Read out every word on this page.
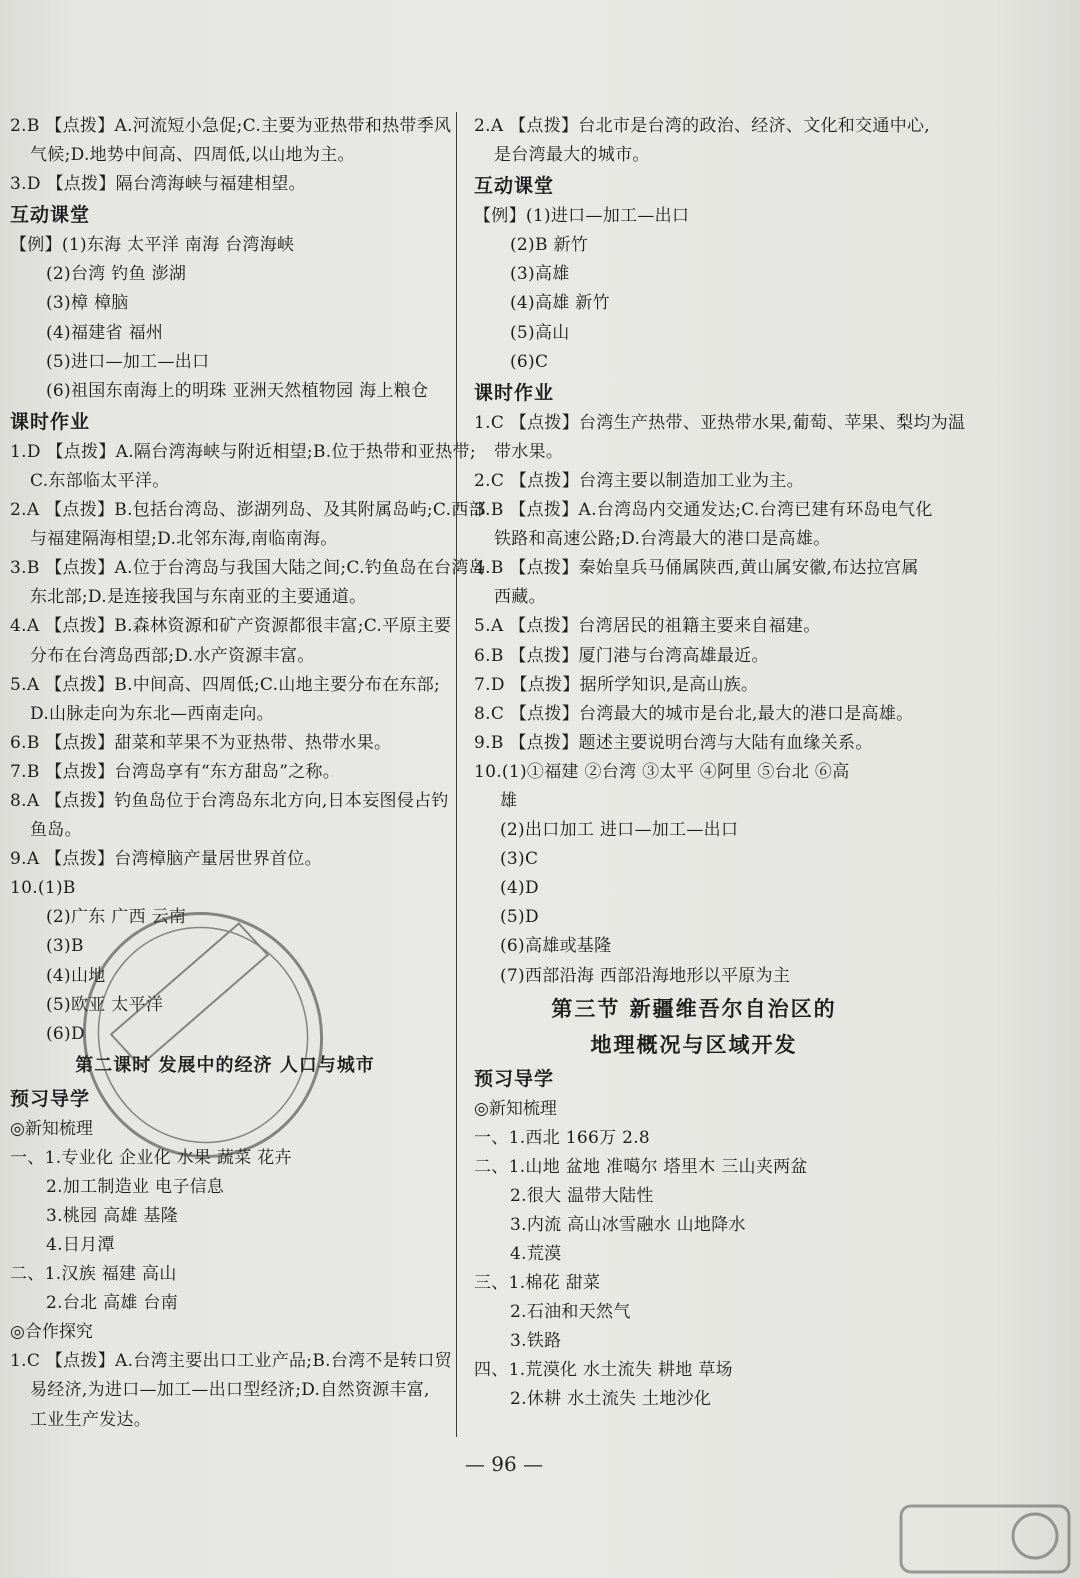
2.B 【点拨】A.河流短小急促;C.主要为亚热带和热带季风
气候;D.地势中间高、四周低,以山地为主。
3.D 【点拨】隔台湾海峡与福建相望。
互动课堂
【例】(1)东海 太平洋 南海 台湾海峡
(2)台湾 钓鱼 澎湖
(3)樟 樟脑
(4)福建省 福州
(5)进口—加工—出口
(6)祖国东南海上的明珠 亚洲天然植物园 海上粮仓
课时作业
1.D 【点拨】A.隔台湾海峡与附近相望;B.位于热带和亚热带;
C.东部临太平洋。
2.A 【点拨】B.包括台湾岛、澎湖列岛、及其附属岛屿;C.西部
与福建隔海相望;D.北邻东海,南临南海。
3.B 【点拨】A.位于台湾岛与我国大陆之间;C.钓鱼岛在台湾岛
东北部;D.是连接我国与东南亚的主要通道。
4.A 【点拨】B.森林资源和矿产资源都很丰富;C.平原主要
分布在台湾岛西部;D.水产资源丰富。
5.A 【点拨】B.中间高、四周低;C.山地主要分布在东部;
D.山脉走向为东北—西南走向。
6.B 【点拨】甜菜和苹果不为亚热带、热带水果。
7.B 【点拨】台湾岛享有“东方甜岛”之称。
8.A 【点拨】钓鱼岛位于台湾岛东北方向,日本妄图侵占钓
鱼岛。
9.A 【点拨】台湾樟脑产量居世界首位。
10.(1)B
(2)广东 广西 云南
(3)B
(4)山地
(5)欧亚 太平洋
(6)D
第二课时 发展中的经济 人口与城市
预习导学
◎新知梳理
一、1.专业化 企业化 水果 蔬菜 花卉
2.加工制造业 电子信息
3.桃园 高雄 基隆
4.日月潭
二、1.汉族 福建 高山
2.台北 高雄 台南
◎合作探究
1.C 【点拨】A.台湾主要出口工业产品;B.台湾不是转口贸
易经济,为进口—加工—出口型经济;D.自然资源丰富,
工业生产发达。
2.A 【点拨】台北市是台湾的政治、经济、文化和交通中心,
是台湾最大的城市。
互动课堂
【例】(1)进口—加工—出口
(2)B 新竹
(3)高雄
(4)高雄 新竹
(5)高山
(6)C
课时作业
1.C 【点拨】台湾生产热带、亚热带水果,葡萄、苹果、梨均为温
带水果。
2.C 【点拨】台湾主要以制造加工业为主。
3.B 【点拨】A.台湾岛内交通发达;C.台湾已建有环岛电气化
铁路和高速公路;D.台湾最大的港口是高雄。
4.B 【点拨】秦始皇兵马俑属陕西,黄山属安徽,布达拉宫属
西藏。
5.A 【点拨】台湾居民的祖籍主要来自福建。
6.B 【点拨】厦门港与台湾高雄最近。
7.D 【点拨】据所学知识,是高山族。
8.C 【点拨】台湾最大的城市是台北,最大的港口是高雄。
9.B 【点拨】题述主要说明台湾与大陆有血缘关系。
10.(1)①福建 ②台湾 ③太平 ④阿里 ⑤台北 ⑥高
雄
(2)出口加工 进口—加工—出口
(3)C
(4)D
(5)D
(6)高雄或基隆
(7)西部沿海 西部沿海地形以平原为主
第三节 新疆维吾尔自治区的
地理概况与区域开发
预习导学
◎新知梳理
一、1.西北 166万 2.8
二、1.山地 盆地 准噶尔 塔里木 三山夹两盆
2.很大 温带大陆性
3.内流 高山冰雪融水 山地降水
4.荒漠
三、1.棉花 甜菜
2.石油和天然气
3.铁路
四、1.荒漠化 水土流失 耕地 草场
2.休耕 水土流失 土地沙化
— 96 —
